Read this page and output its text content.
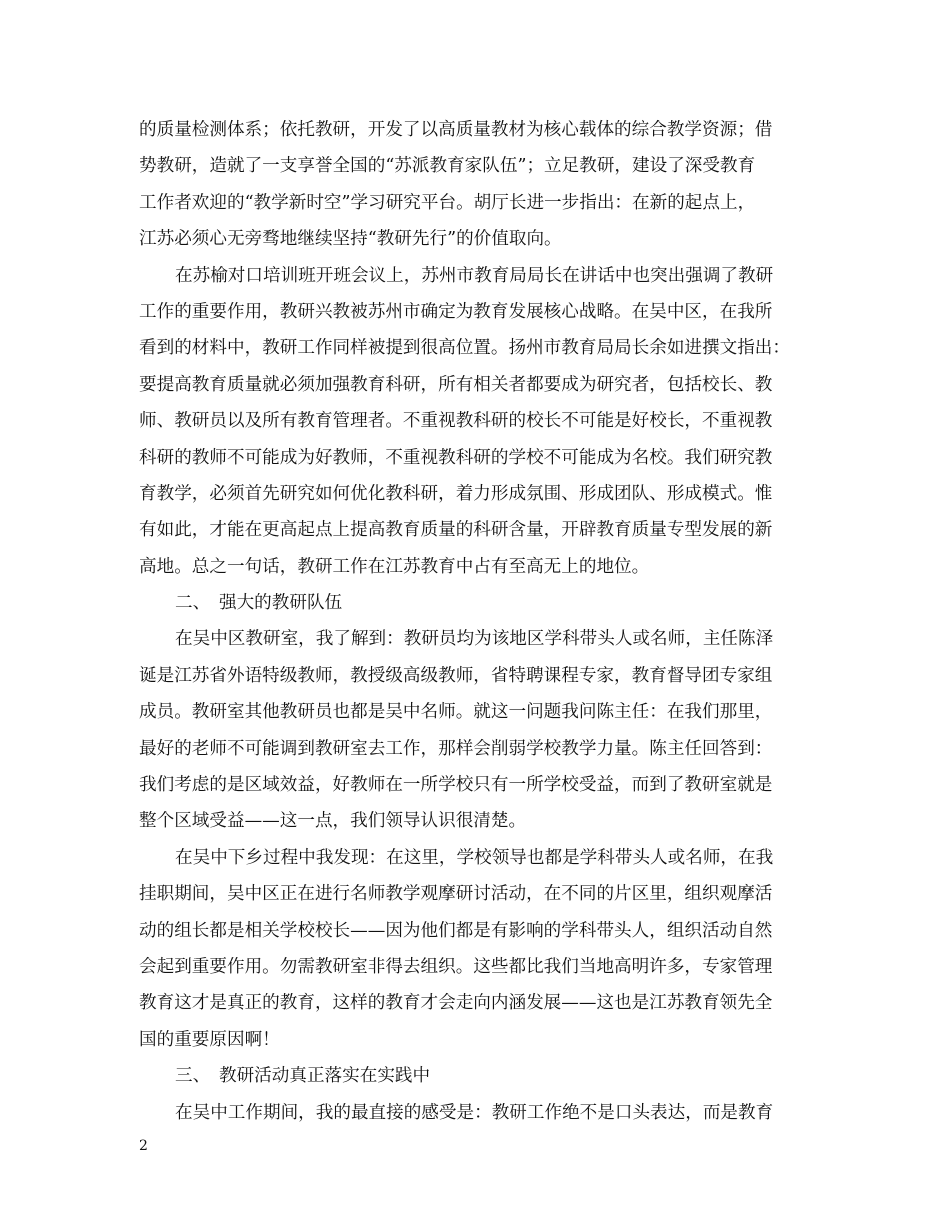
的质量检测体系；依托教研，开发了以高质量教材为核心载体的综合教学资源；借
势教研，造就了一支享誉全国的“苏派教育家队伍”；立足教研，建设了深受教育
工作者欢迎的“教学新时空”学习研究平台。胡厅长进一步指出：在新的起点上，
江苏必须心无旁骛地继续坚持“教研先行”的价值取向。
在苏榆对口培训班开班会议上，苏州市教育局局长在讲话中也突出强调了教研
工作的重要作用，教研兴教被苏州市确定为教育发展核心战略。在吴中区，在我所
看到的材料中，教研工作同样被提到很高位置。扬州市教育局局长余如进撰文指出：
要提高教育质量就必须加强教育科研，所有相关者都要成为研究者，包括校长、教
师、教研员以及所有教育管理者。不重视教科研的校长不可能是好校长，不重视教
科研的教师不可能成为好教师，不重视教科研的学校不可能成为名校。我们研究教
育教学，必须首先研究如何优化教科研，着力形成氛围、形成团队、形成模式。惟
有如此，才能在更高起点上提高教育质量的科研含量，开辟教育质量专型发展的新
高地。总之一句话，教研工作在江苏教育中占有至高无上的地位。
二、　强大的教研队伍
在吴中区教研室，我了解到：教研员均为该地区学科带头人或名师，主任陈泽
诞是江苏省外语特级教师，教授级高级教师，省特聘课程专家，教育督导团专家组
成员。教研室其他教研员也都是吴中名师。就这一问题我问陈主任：在我们那里，
最好的老师不可能调到教研室去工作，那样会削弱学校教学力量。陈主任回答到：
我们考虑的是区域效益，好教师在一所学校只有一所学校受益，而到了教研室就是
整个区域受益——这一点，我们领导认识很清楚。
在吴中下乡过程中我发现：在这里，学校领导也都是学科带头人或名师，在我
挂职期间，吴中区正在进行名师教学观摩研讨活动，在不同的片区里，组织观摩活
动的组长都是相关学校校长——因为他们都是有影响的学科带头人，组织活动自然
会起到重要作用。勿需教研室非得去组织。这些都比我们当地高明许多，专家管理
教育这才是真正的教育，这样的教育才会走向内涵发展——这也是江苏教育领先全
国的重要原因啊！
三、　教研活动真正落实在实践中
在吴中工作期间，我的最直接的感受是：教研工作绝不是口头表达，而是教育
2
